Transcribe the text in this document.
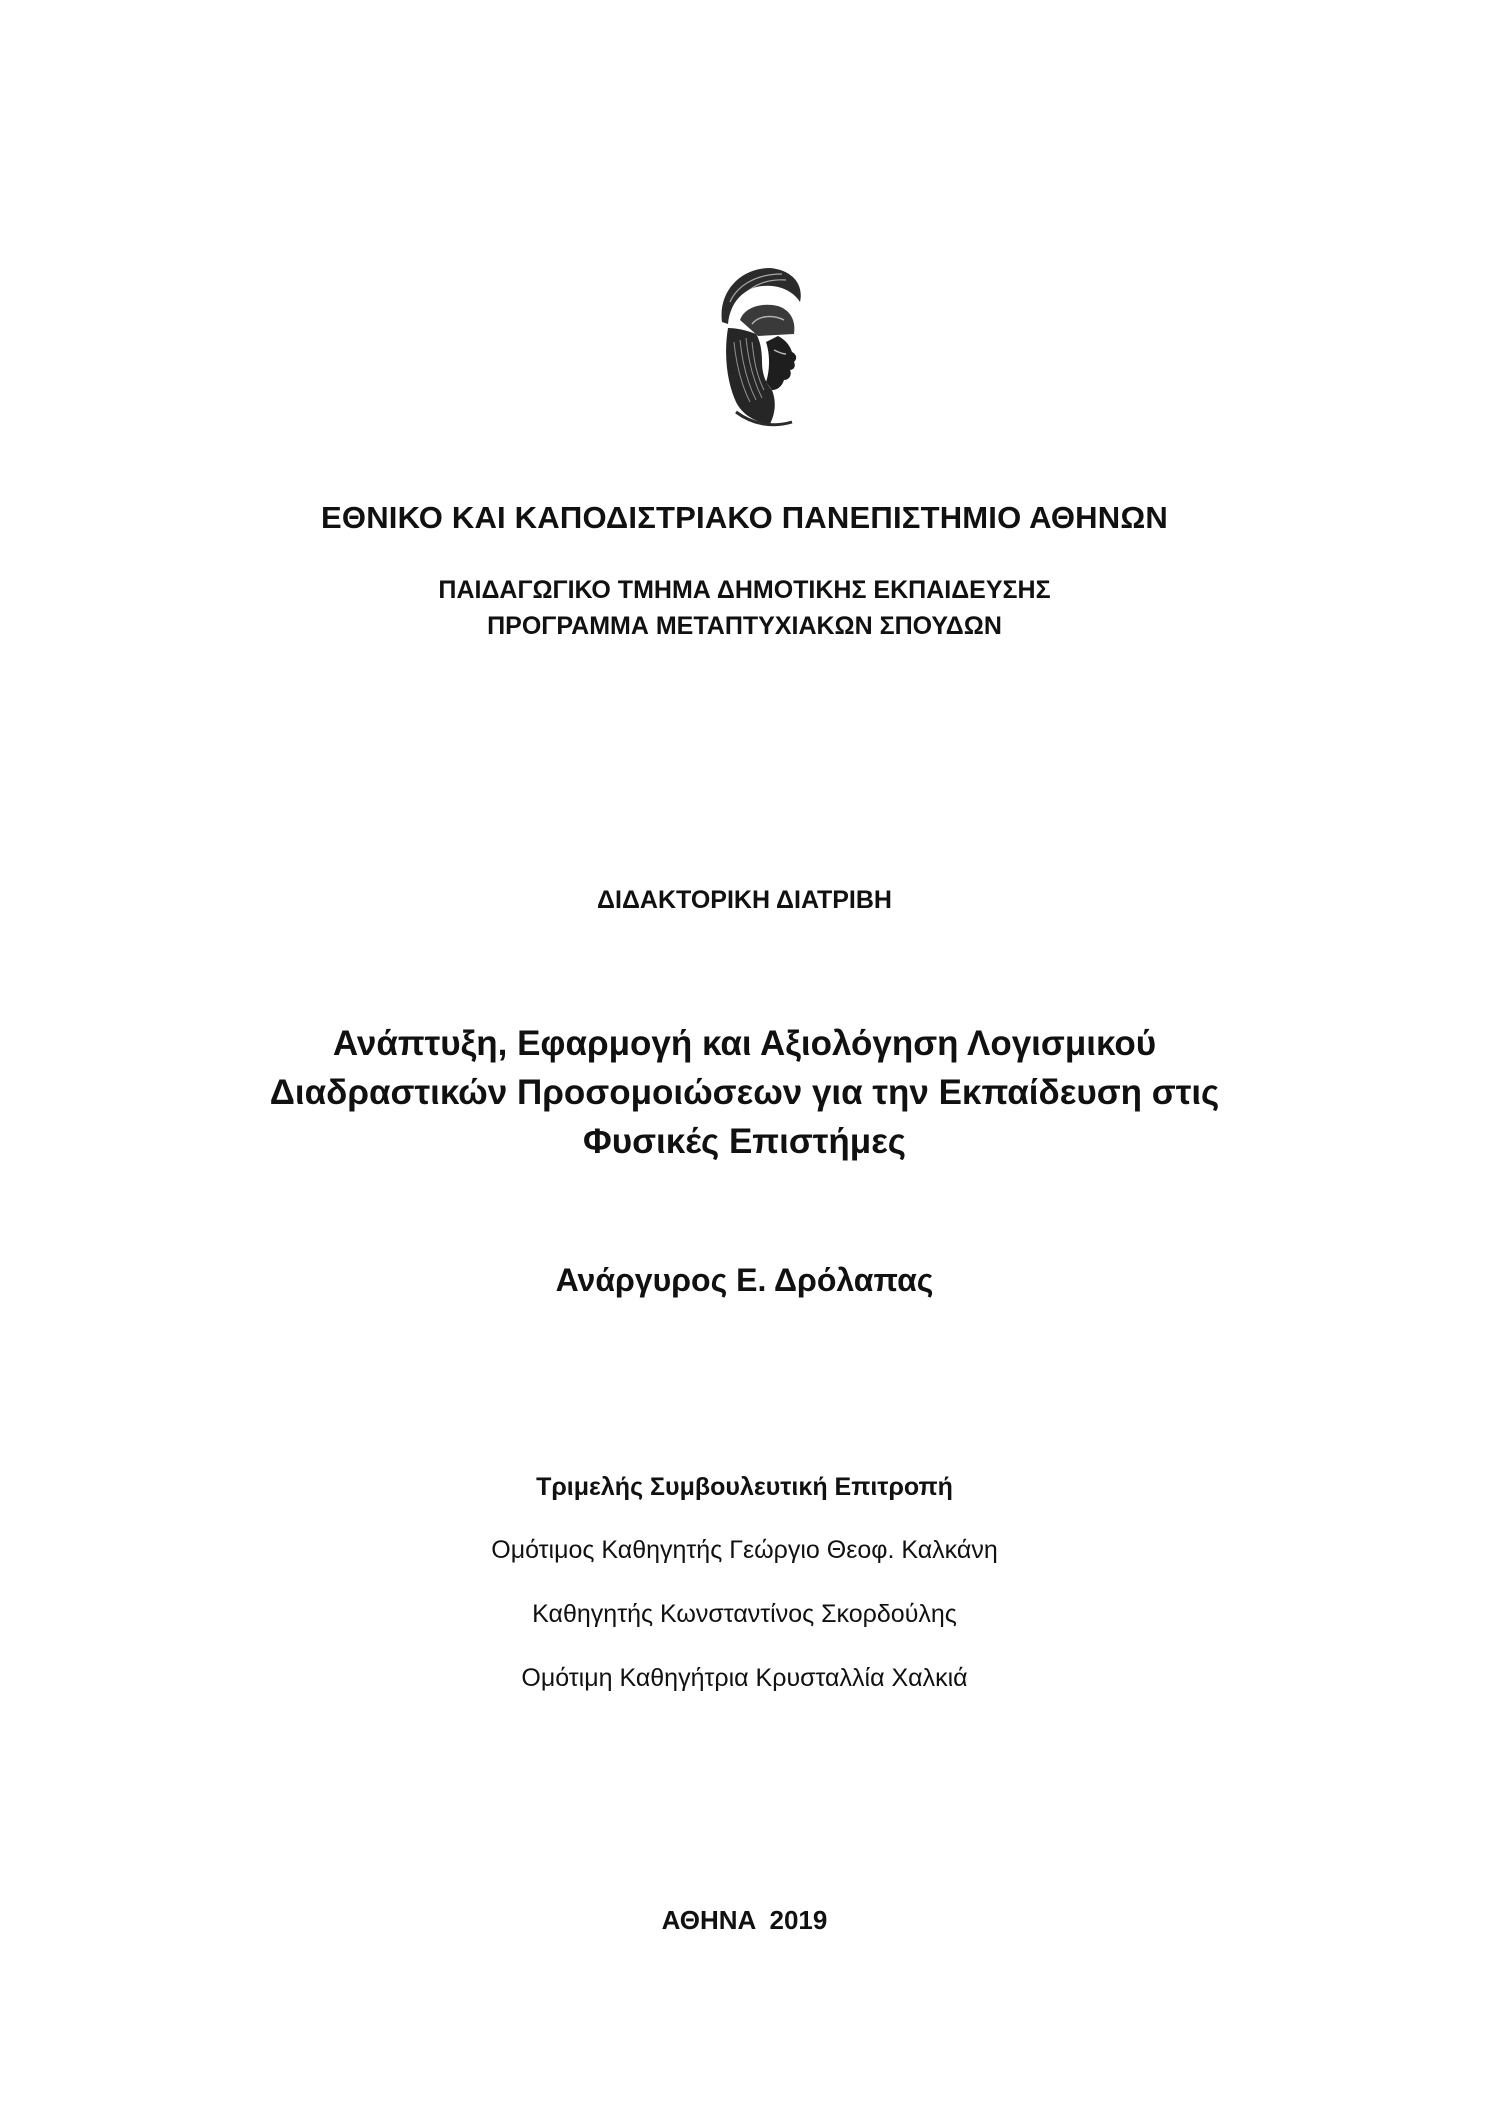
ΕΘΝΙΚΟ ΚΑΙ ΚΑΠΟΔΙΣΤΡΙΑΚΟ ΠΑΝΕΠΙΣΤΗΜΙΟ ΑΘΗΝΩΝ
ΠΑΙΔΑΓΩΓΙΚΟ ΤΜΗΜΑ ΔΗΜΟΤΙΚΗΣ ΕΚΠΑΙΔΕΥΣΗΣ
ΠΡΟΓΡΑΜΜΑ ΜΕΤΑΠΤΥΧΙΑΚΩΝ ΣΠΟΥΔΩΝ
ΔΙΔΑΚΤΟΡΙΚΗ ΔΙΑΤΡΙΒΗ
Ανάπτυξη, Εφαρμογή και Αξιολόγηση Λογισμικού
Διαδραστικών Προσομοιώσεων για την Εκπαίδευση στις
Φυσικές Επιστήμες
Ανάργυρος Ε. Δρόλαπας
Τριμελής Συμβουλευτική Επιτροπή
Ομότιμος Καθηγητής Γεώργιο Θεοφ. Καλκάνη
Καθηγητής Κωνσταντίνος Σκορδούλης
Ομότιμη Καθηγήτρια Κρυσταλλία Χαλκιά
ΑΘΗΝΑ 2019
